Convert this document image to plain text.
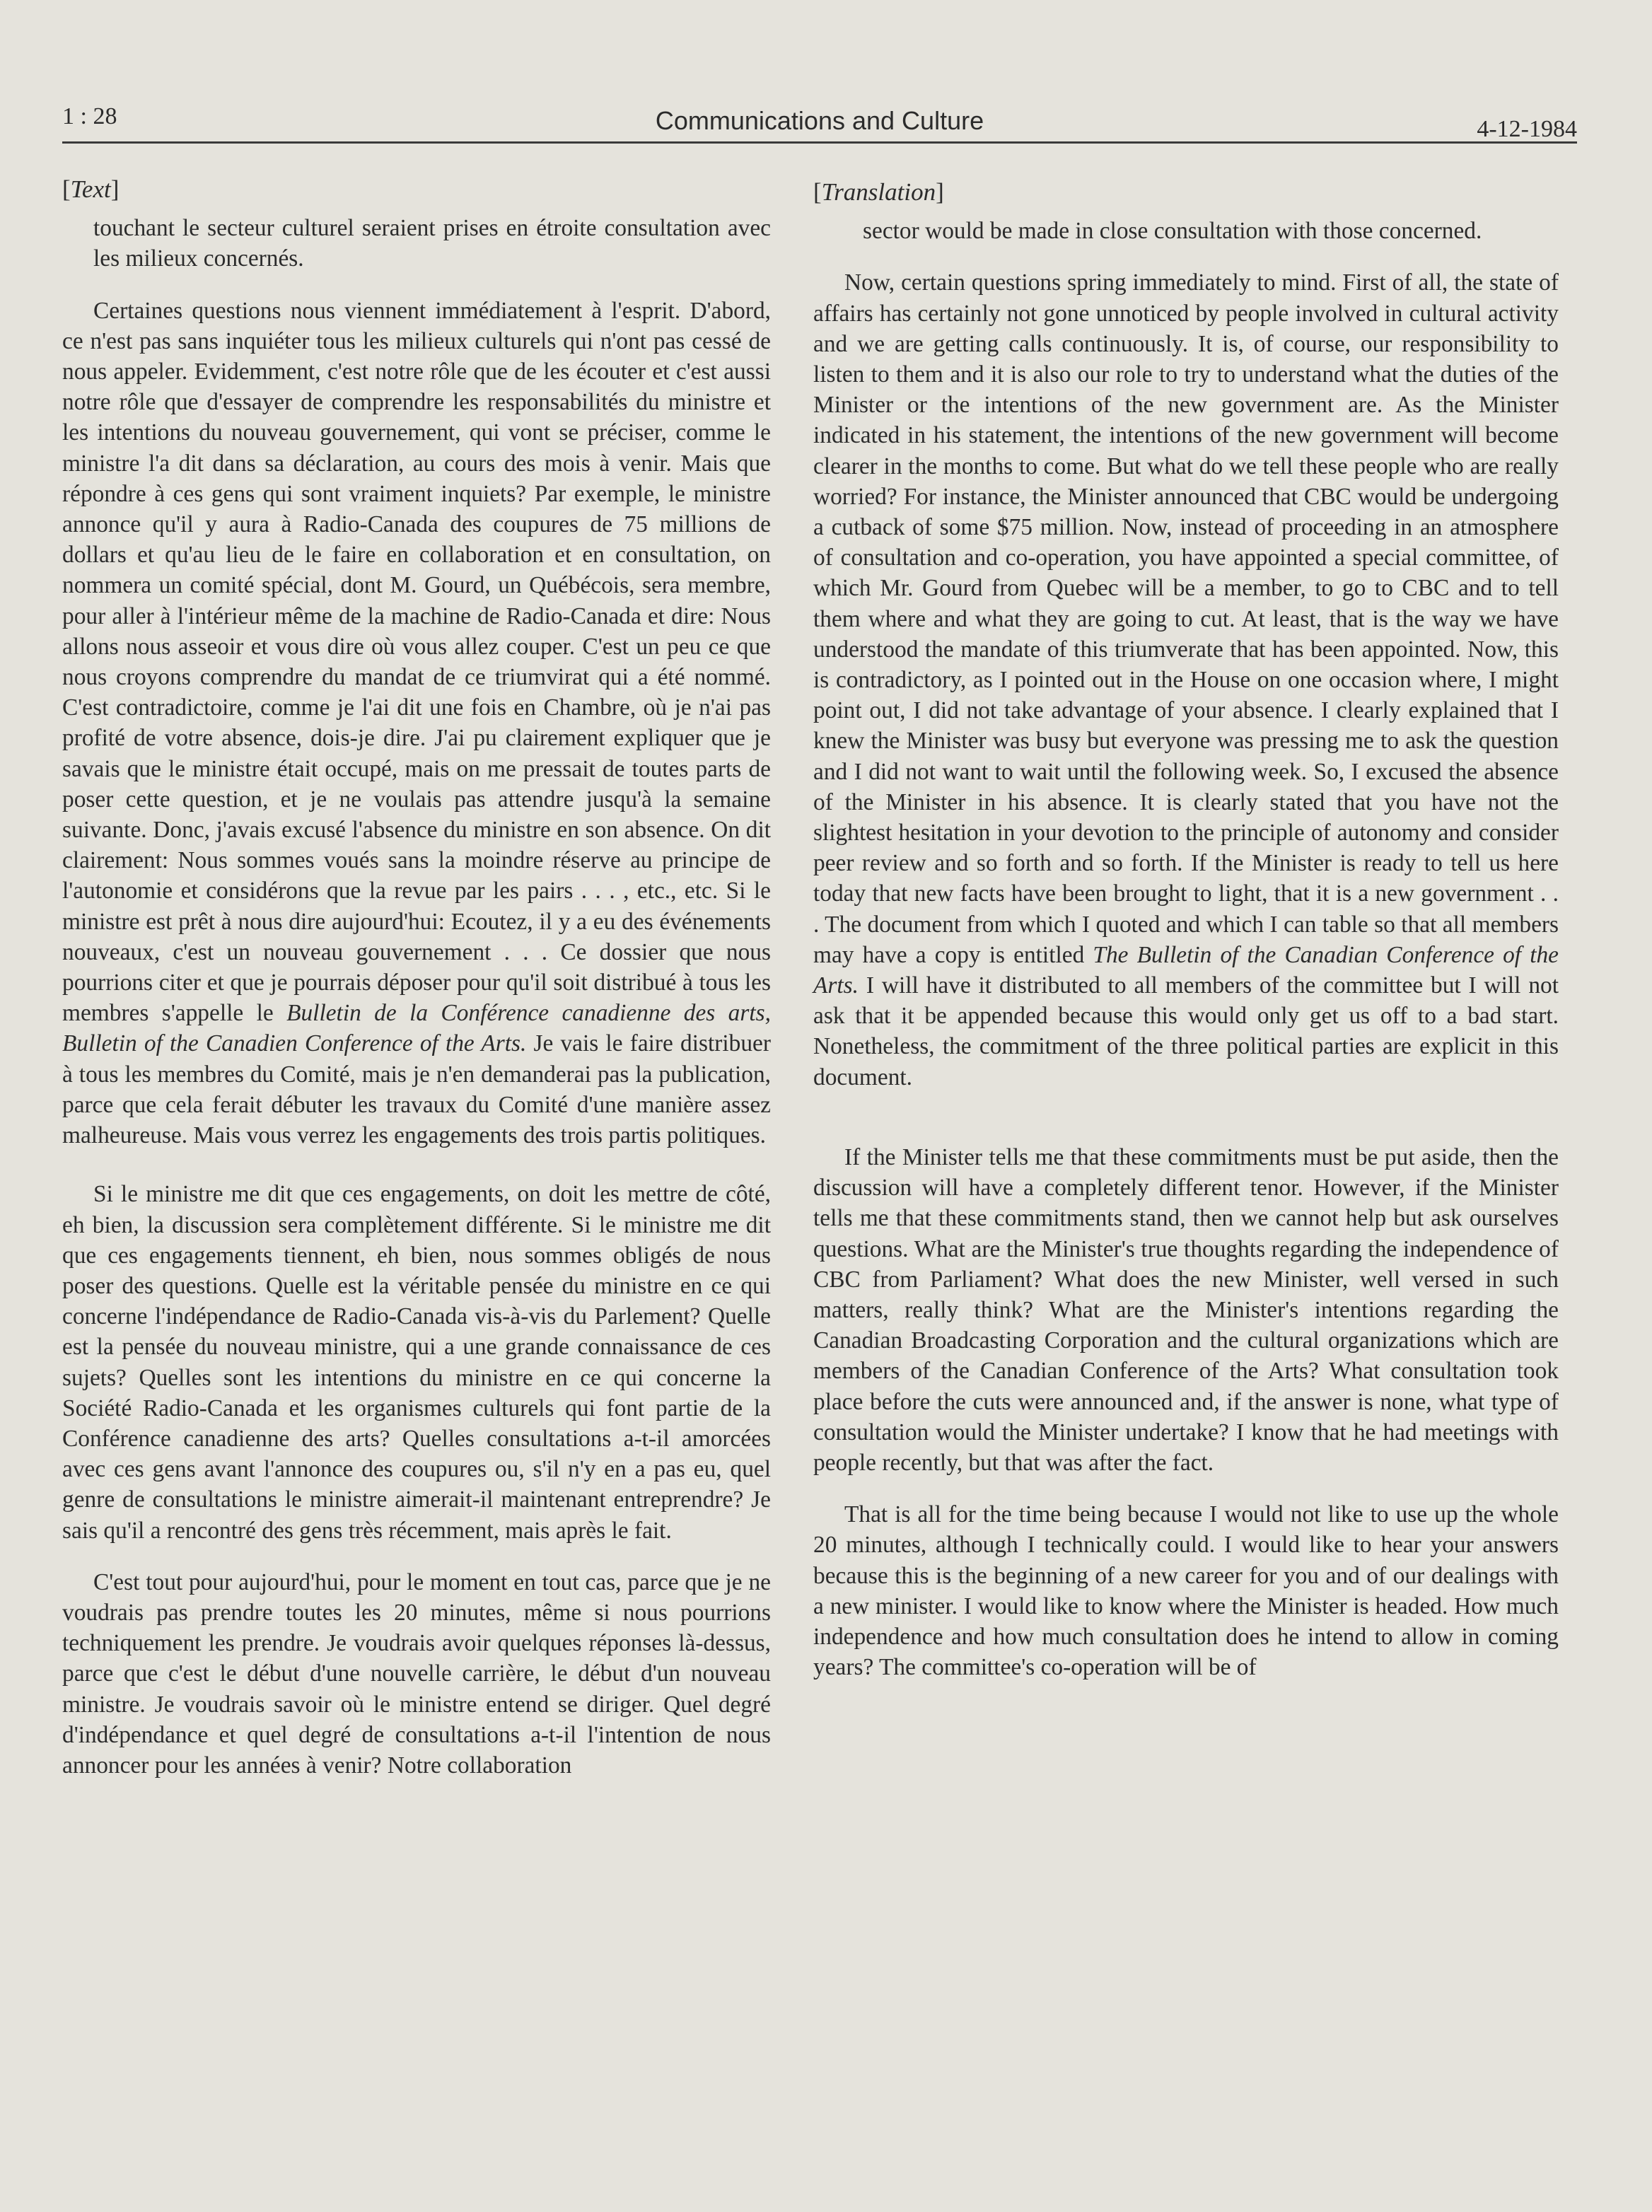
1 : 28	Communications and Culture	4-12-1984
[Text]

touchant le secteur culturel seraient prises en étroite consultation avec les milieux concernés.

Certaines questions nous viennent immédiatement à l'esprit. D'abord, ce n'est pas sans inquiéter tous les milieux culturels qui n'ont pas cessé de nous appeler. Evidemment, c'est notre rôle que de les écouter et c'est aussi notre rôle que d'essayer de comprendre les responsabilités du ministre et les intentions du nouveau gouvernement, qui vont se préciser, comme le ministre l'a dit dans sa déclaration, au cours des mois à venir. Mais que répondre à ces gens qui sont vraiment inquiets? Par exemple, le ministre annonce qu'il y aura à Radio-Canada des coupures de 75 millions de dollars et qu'au lieu de le faire en collaboration et en consultation, on nommera un comité spécial, dont M. Gourd, un Québécois, sera membre, pour aller à l'intérieur même de la machine de Radio-Canada et dire: Nous allons nous asseoir et vous dire où vous allez couper. C'est un peu ce que nous croyons comprendre du mandat de ce triumvirat qui a été nommé. C'est contradictoire, comme je l'ai dit une fois en Chambre, où je n'ai pas profité de votre absence, dois-je dire. J'ai pu clairement expliquer que je savais que le ministre était occupé, mais on me pressait de toutes parts de poser cette question, et je ne voulais pas attendre jusqu'à la semaine suivante. Donc, j'avais excusé l'absence du ministre en son absence. On dit clairement: Nous sommes voués sans la moindre réserve au principe de l'autonomie et considérons que la revue par les pairs . . . , etc., etc. Si le ministre est prêt à nous dire aujourd'hui: Ecoutez, il y a eu des événements nouveaux, c'est un nouveau gouvernement . . . Ce dossier que nous pourrions citer et que je pourrais déposer pour qu'il soit distribué à tous les membres s'appelle le Bulletin de la Conférence canadienne des arts, Bulletin of the Canadien Conference of the Arts. Je vais le faire distribuer à tous les membres du Comité, mais je n'en demanderai pas la publication, parce que cela ferait débuter les travaux du Comité d'une manière assez malheureuse. Mais vous verrez les engagements des trois partis politiques.

Si le ministre me dit que ces engagements, on doit les mettre de côté, eh bien, la discussion sera complètement différente. Si le ministre me dit que ces engagements tiennent, eh bien, nous sommes obligés de nous poser des questions. Quelle est la véritable pensée du ministre en ce qui concerne l'indépendance de Radio-Canada vis-à-vis du Parlement? Quelle est la pensée du nouveau ministre, qui a une grande connaissance de ces sujets? Quelles sont les intentions du ministre en ce qui concerne la Société Radio-Canada et les organismes culturels qui font partie de la Conférence canadienne des arts? Quelles consultations a-t-il amorcées avec ces gens avant l'annonce des coupures ou, s'il n'y en a pas eu, quel genre de consultations le ministre aimerait-il maintenant entreprendre? Je sais qu'il a rencontré des gens très récemment, mais après le fait.

C'est tout pour aujourd'hui, pour le moment en tout cas, parce que je ne voudrais pas prendre toutes les 20 minutes, même si nous pourrions techniquement les prendre. Je voudrais avoir quelques réponses là-dessus, parce que c'est le début d'une nouvelle carrière, le début d'un nouveau ministre. Je voudrais savoir où le ministre entend se diriger. Quel degré d'indépendance et quel degré de consultations a-t-il l'intention de nous annoncer pour les années à venir? Notre collaboration

[Translation]

sector would be made in close consultation with those concerned.

Now, certain questions spring immediately to mind. First of all, the state of affairs has certainly not gone unnoticed by people involved in cultural activity and we are getting calls continuously. It is, of course, our responsibility to listen to them and it is also our role to try to understand what the duties of the Minister or the intentions of the new government are. As the Minister indicated in his statement, the intentions of the new government will become clearer in the months to come. But what do we tell these people who are really worried? For instance, the Minister announced that CBC would be undergoing a cutback of some $75 million. Now, instead of proceeding in an atmosphere of consultation and co-operation, you have appointed a special committee, of which Mr. Gourd from Quebec will be a member, to go to CBC and to tell them where and what they are going to cut. At least, that is the way we have understood the mandate of this triumverate that has been appointed. Now, this is contradictory, as I pointed out in the House on one occasion where, I might point out, I did not take advantage of your absence. I clearly explained that I knew the Minister was busy but everyone was pressing me to ask the question and I did not want to wait until the following week. So, I excused the absence of the Minister in his absence. It is clearly stated that you have not the slightest hesitation in your devotion to the principle of autonomy and consider peer review and so forth and so forth. If the Minister is ready to tell us here today that new facts have been brought to light, that it is a new government . . . The document from which I quoted and which I can table so that all members may have a copy is entitled The Bulletin of the Canadian Conference of the Arts. I will have it distributed to all members of the committee but I will not ask that it be appended because this would only get us off to a bad start. Nonetheless, the commitment of the three political parties are explicit in this document.

If the Minister tells me that these commitments must be put aside, then the discussion will have a completely different tenor. However, if the Minister tells me that these commitments stand, then we cannot help but ask ourselves questions. What are the Minister's true thoughts regarding the independence of CBC from Parliament? What does the new Minister, well versed in such matters, really think? What are the Minister's intentions regarding the Canadian Broadcasting Corporation and the cultural organizations which are members of the Canadian Conference of the Arts? What consultation took place before the cuts were announced and, if the answer is none, what type of consultation would the Minister undertake? I know that he had meetings with people recently, but that was after the fact.

That is all for the time being because I would not like to use up the whole 20 minutes, although I technically could. I would like to hear your answers because this is the beginning of a new career for you and of our dealings with a new minister. I would like to know where the Minister is headed. How much independence and how much consultation does he intend to allow in coming years? The committee's co-operation will be of
